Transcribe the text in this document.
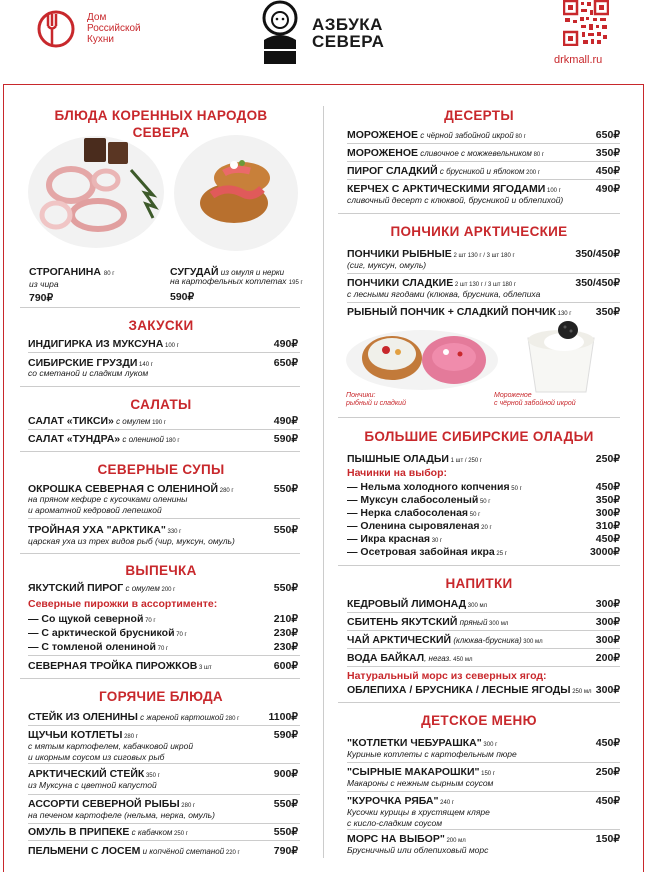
Дом
Российской
Кухни
АЗБУКА
СЕВЕРА
drkmall.ru
БЛЮДА КОРЕННЫХ НАРОДОВ
СЕВЕРА
СТРОГАНИНА 80 г
из чира
790₽
СУГУДАЙ из омуля и нерки
на картофельных котлетах 195 г
590₽
ЗАКУСКИ
ИНДИГИРКА ИЗ МУКСУНА 100 г	490₽
СИБИРСКИЕ ГРУЗДИ 140 г
со сметаной и сладким луком
650₽
САЛАТЫ
САЛАТ «ТИКСИ» с омулем 190 г	490₽
САЛАТ «ТУНДРА» с олениной 180 г	590₽
СЕВЕРНЫЕ СУПЫ
ОКРОШКА СЕВЕРНАЯ С ОЛЕНИНОЙ 280 г
на пряном кефире с кусочками оленины
и ароматной кедровой лепешкой
550₽
ТРОЙНАЯ УХА "АРКТИКА" 330 г
царская уха из трех видов рыб (чир, муксун, омуль)
550₽
ВЫПЕЧКА
ЯКУТСКИЙ ПИРОГ с омулем 200 г	550₽
Северные пирожки в ассортименте:
— Со щукой северной 70 г	210₽
— С арктической брусникой 70 г	230₽
— С томленой олениной 70 г	230₽
СЕВЕРНАЯ ТРОЙКА ПИРОЖКОВ 3 шт	600₽
ГОРЯЧИЕ БЛЮДА
СТЕЙК ИЗ ОЛЕНИНЫ с жареной картошкой 280 г	1100₽
ЩУЧЬИ КОТЛЕТЫ 280 г
с мятым картофелем, кабачковой икрой
и икорным соусом из сиговых рыб
590₽
АРКТИЧЕСКИЙ СТЕЙК 350 г
из Муксуна с цветной капустой
900₽
АССОРТИ СЕВЕРНОЙ РЫБЫ 280 г
на печеном картофеле (нельма, нерка, омуль)
550₽
ОМУЛЬ В ПРИПЕКЕ с кабачком 250 г	550₽
ПЕЛЬМЕНИ С ЛОСЕМ и копчёной сметаной 220 г	790₽
ДЕСЕРТЫ
МОРОЖЕНОЕ с чёрной забойной икрой 80 г	650₽
МОРОЖЕНОЕ сливочное с можжевельником 80 г	350₽
ПИРОГ СЛАДКИЙ с брусникой и яблоком 200 г	450₽
КЕРЧЕХ С АРКТИЧЕСКИМИ ЯГОДАМИ 100 г
сливочный десерт с клюквой, брусникой и облепихой)
490₽
ПОНЧИКИ АРКТИЧЕСКИЕ
ПОНЧИКИ РЫБНЫЕ 2 шт 130 г / 3 шт 180 г
(сиг, муксун, омуль)
350/450₽
ПОНЧИКИ СЛАДКИЕ 2 шт 130 г / 3 шт 180 г
с лесными ягодами (клюква, брусника, облепиха
350/450₽
РЫБНЫЙ ПОНЧИК + СЛАДКИЙ ПОНЧИК 130 г 350₽
Пончики:
рыбный и сладкий
Мороженое
с чёрной забойной икрой
БОЛЬШИЕ СИБИРСКИЕ ОЛАДЬИ
ПЫШНЫЕ ОЛАДЬИ 1 шт / 250 г	250₽
Начинки на выбор:
— Нельма холодного копчения 50 г	450₽
— Муксун слабосоленый 50 г	350₽
— Нерка слабосоленая 50 г	300₽
— Оленина сыровяленая 20 г	310₽
— Икра красная 30 г	450₽
— Осетровая забойная икра 25 г	3000₽
НАПИТКИ
КЕДРОВЫЙ ЛИМОНАД 300 мл	300₽
СБИТЕНЬ ЯКУТСКИЙ пряный 300 мл	300₽
ЧАЙ АРКТИЧЕСКИЙ (клюква-брусника) 300 мл	300₽
ВОДА БАЙКАЛ, негаз. 450 мл	200₽
Натуральный морс из северных ягод:
ОБЛЕПИХА / БРУСНИКА / ЛЕСНЫЕ ЯГОДЫ 250 мл 300₽
ДЕТСКОЕ МЕНЮ
"КОТЛЕТКИ ЧЕБУРАШКА" 300 г
Куриные котлеты с картофельным пюре
450₽
"СЫРНЫЕ МАКАРОШКИ" 150 г
Макароны с нежным сырным соусом
250₽
"КУРОЧКА РЯБА" 240 г
Кусочки курицы в хрустящем кляре
с кисло-сладким соусом
450₽
МОРС НА ВЫБОР" 200 мл
Брусничный или облепиховый морс
150₽
